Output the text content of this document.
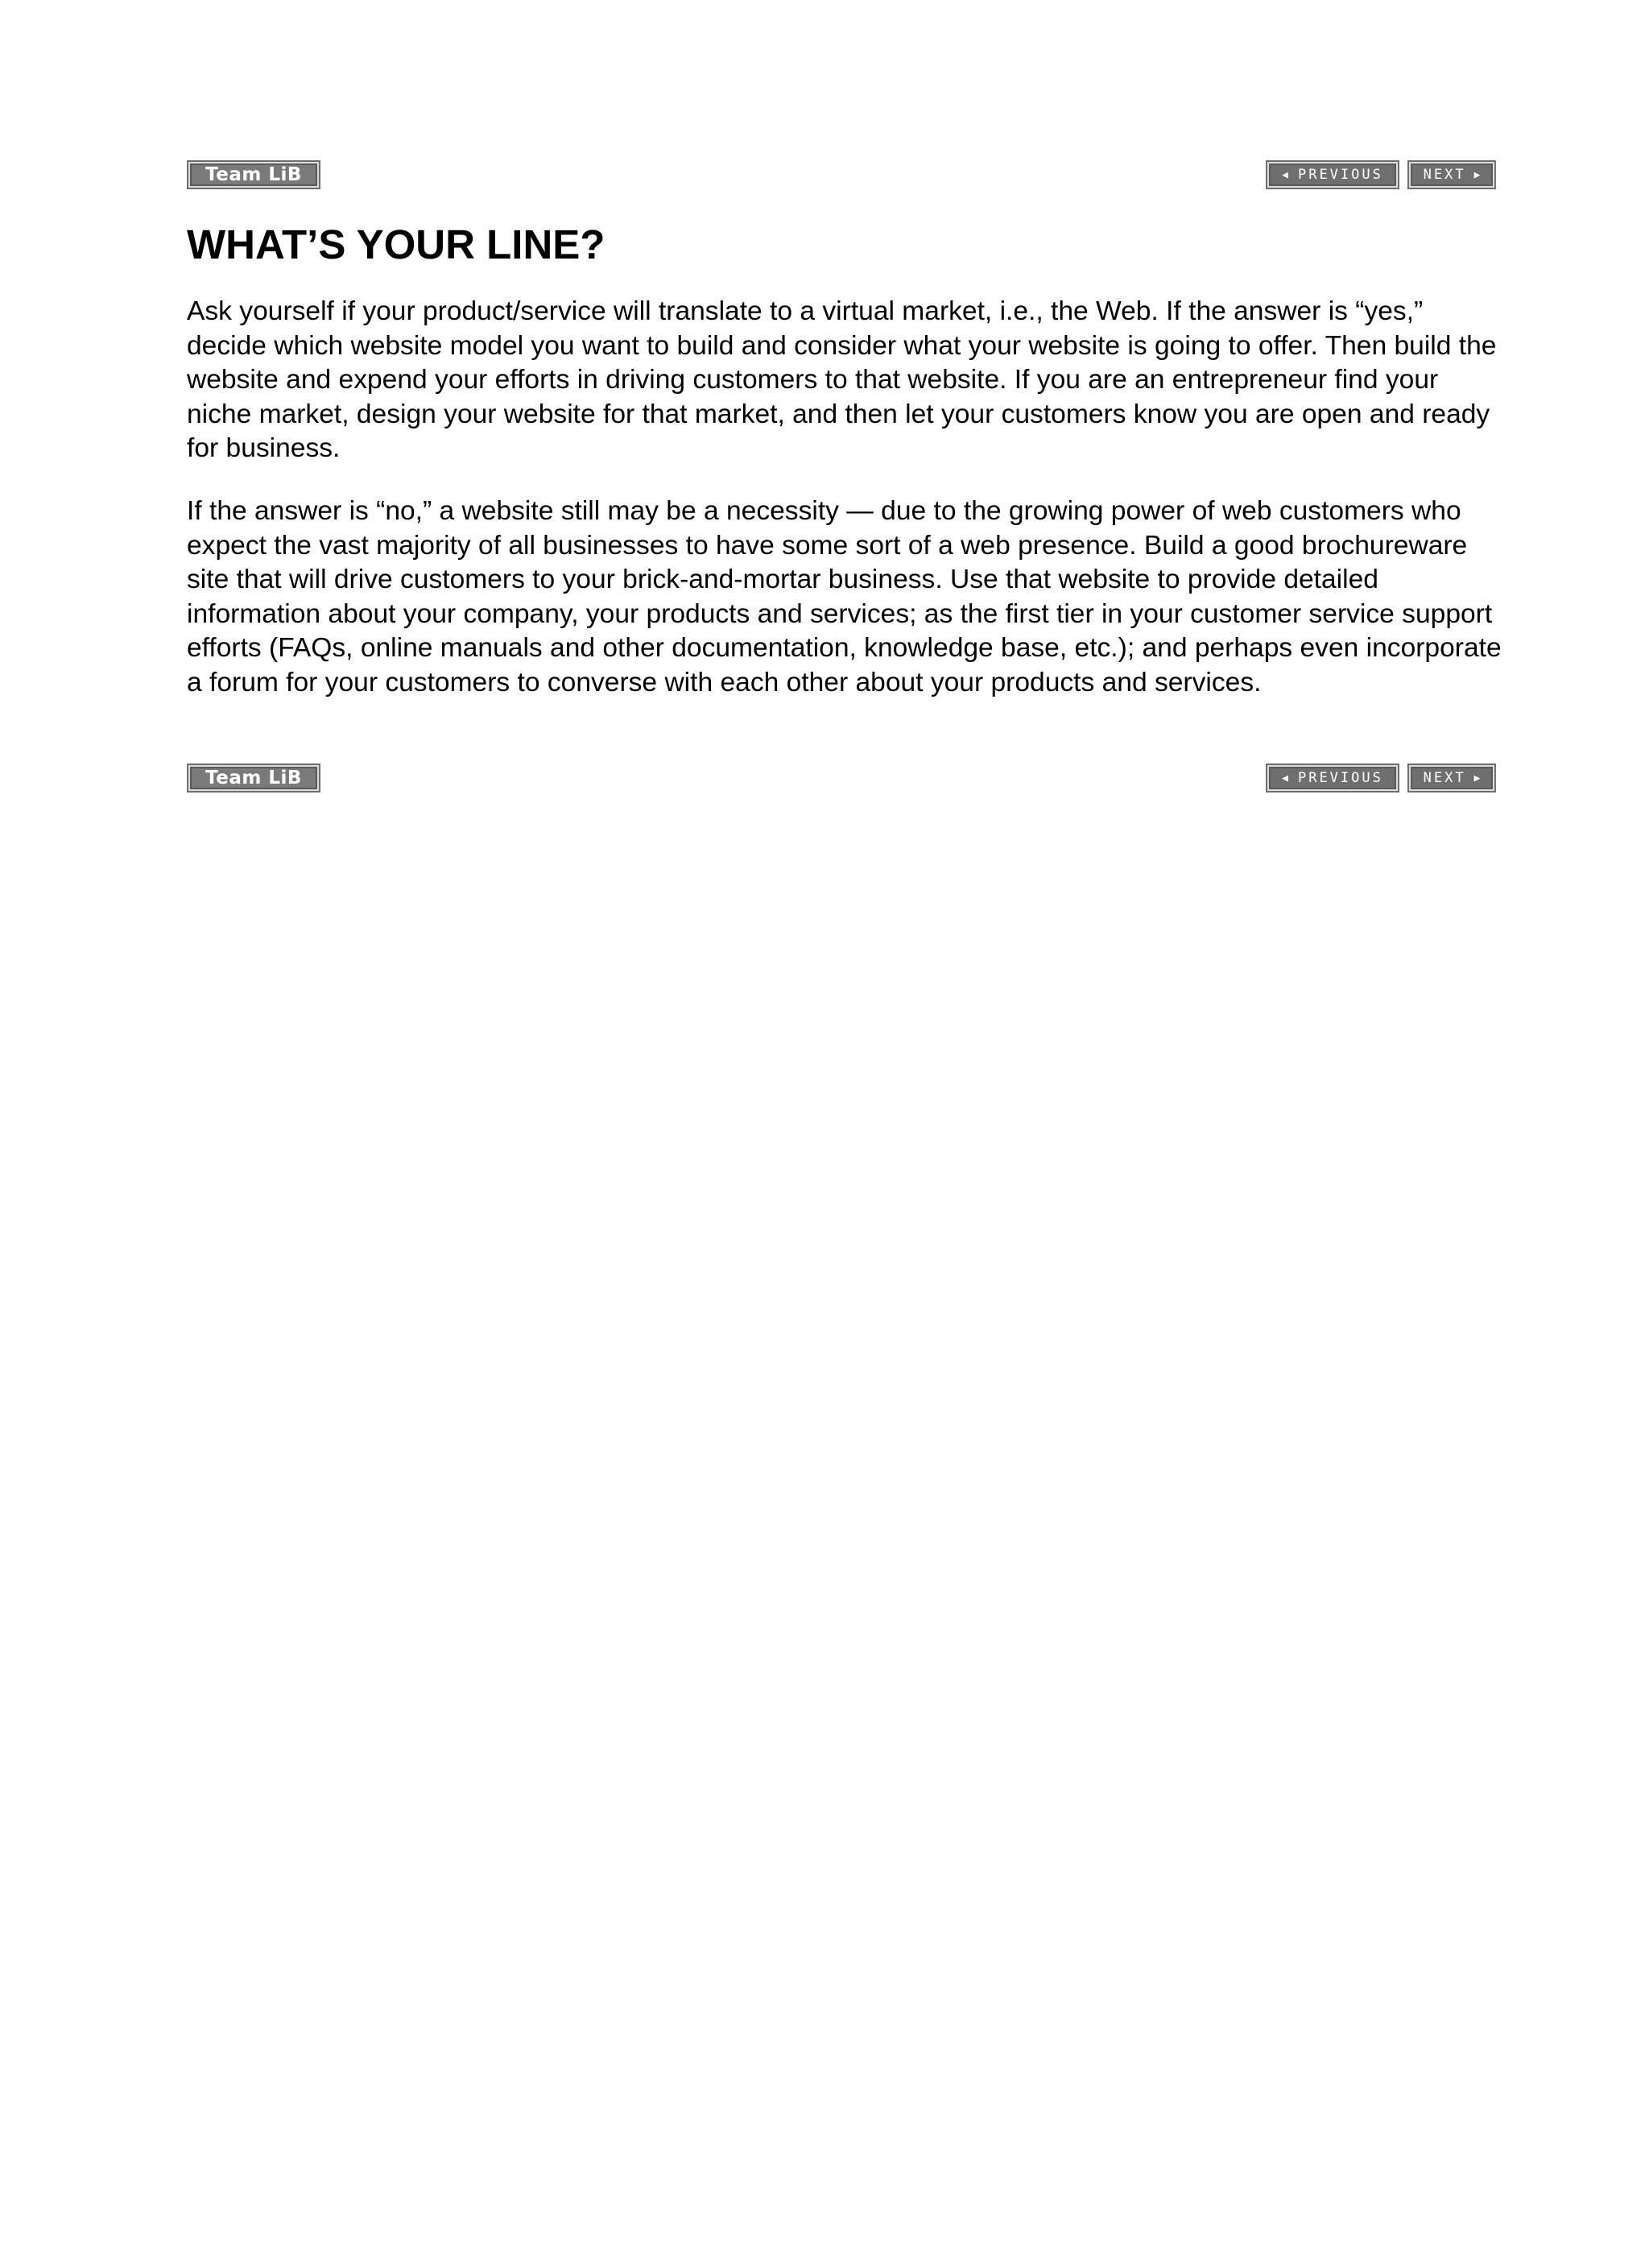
Team LiB	◀ PREVIOUS	NEXT ▶
WHAT’S YOUR LINE?

Ask yourself if your product/service will translate to a virtual market, i.e., the Web. If the answer is “yes,” decide which website model you want to build and consider what your website is going to offer. Then build the website and expend your efforts in driving customers to that website. If you are an entrepreneur find your niche market, design your website for that market, and then let your customers know you are open and ready for business.

If the answer is “no,” a website still may be a necessity — due to the growing power of web customers who expect the vast majority of all businesses to have some sort of a web presence. Build a good brochureware site that will drive customers to your brick-and-mortar business. Use that website to provide detailed information about your company, your products and services; as the first tier in your customer service support efforts (FAQs, online manuals and other documentation, knowledge base, etc.); and perhaps even incorporate a forum for your customers to converse with each other about your products and services.

Team LiB	◀ PREVIOUS	NEXT ▶
